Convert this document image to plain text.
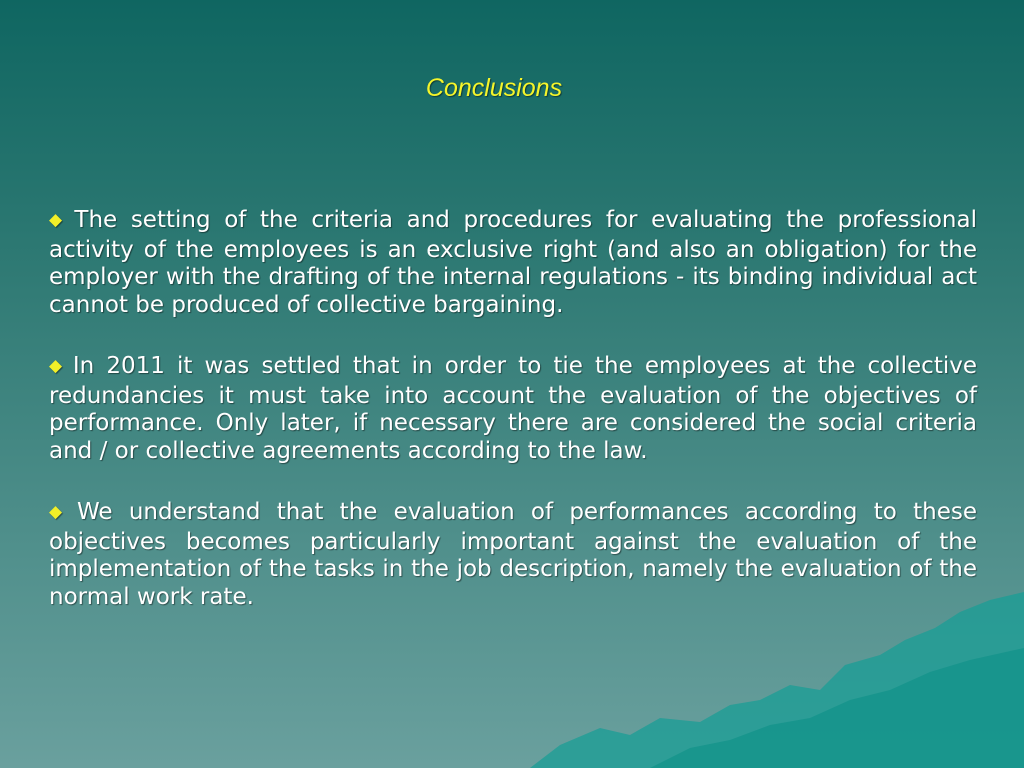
Conclusions

◆ The setting of the criteria and procedures for evaluating the professional activity of the employees is an exclusive right (and also an obligation) for the employer with the drafting of the internal regulations - its binding individual act cannot be produced of collective bargaining.

◆ In 2011 it was settled that in order to tie the employees at the collective redundancies it must take into account the evaluation of the objectives of performance. Only later, if necessary there are considered the social criteria and / or collective agreements according to the law.

◆ We understand that the evaluation of performances according to these objectives becomes particularly important against the evaluation of the implementation of the tasks in the job description, namely the evaluation of the normal work rate.
